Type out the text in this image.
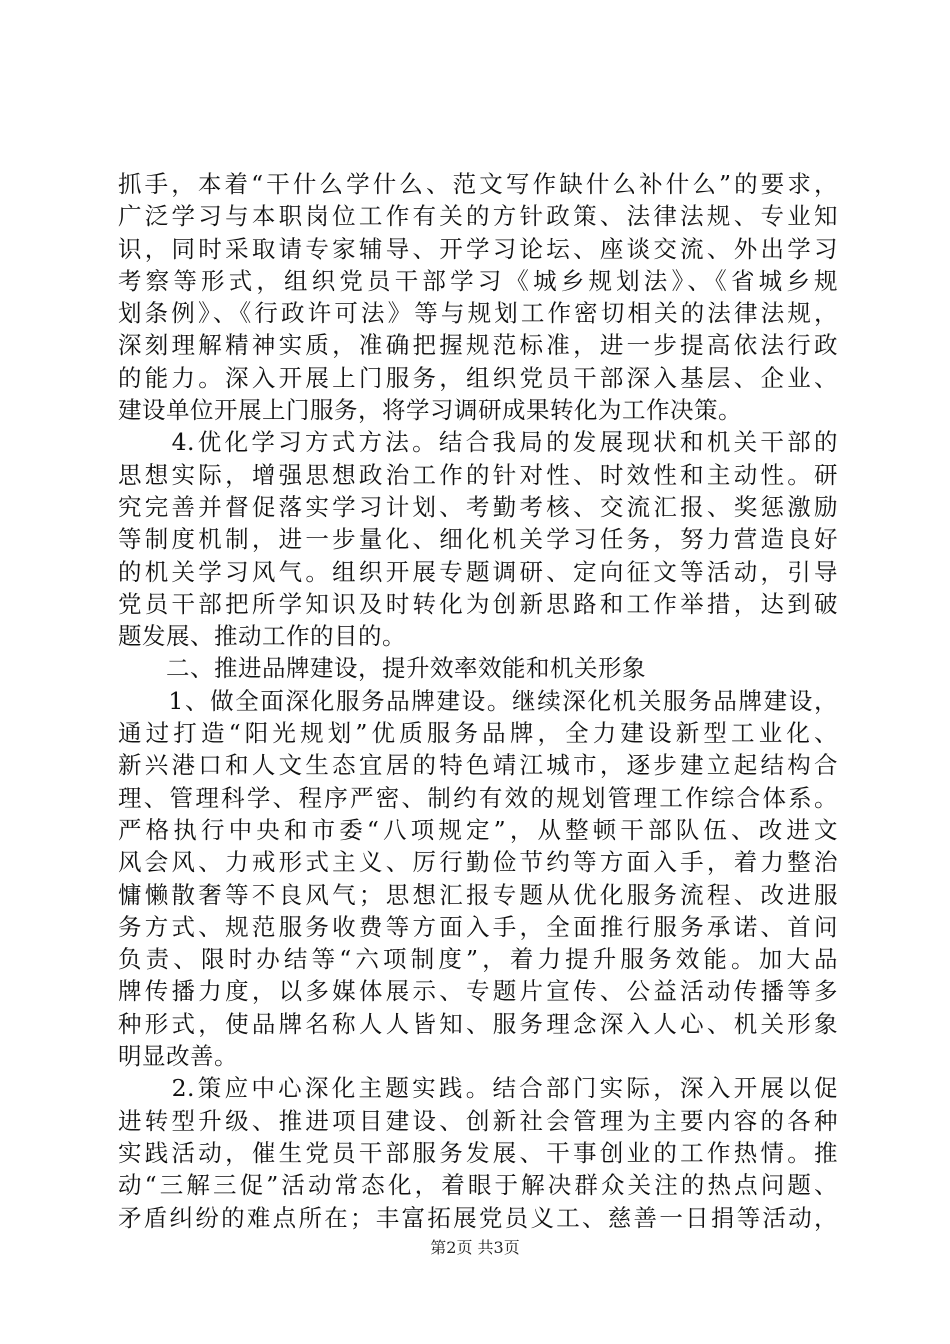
抓手，本着“干什么学什么、范文写作缺什么补什么”的要求，
广泛学习与本职岗位工作有关的方针政策、法律法规、专业知
识，同时采取请专家辅导、开学习论坛、座谈交流、外出学习
考察等形式，组织党员干部学习《城乡规划法》、《省城乡规
划条例》、《行政许可法》等与规划工作密切相关的法律法规，
深刻理解精神实质，准确把握规范标准，进一步提高依法行政
的能力。深入开展上门服务，组织党员干部深入基层、企业、
建设单位开展上门服务，将学习调研成果转化为工作决策。
　　4.优化学习方式方法。结合我局的发展现状和机关干部的
思想实际，增强思想政治工作的针对性、时效性和主动性。研
究完善并督促落实学习计划、考勤考核、交流汇报、奖惩激励
等制度机制，进一步量化、细化机关学习任务，努力营造良好
的机关学习风气。组织开展专题调研、定向征文等活动，引导
党员干部把所学知识及时转化为创新思路和工作举措，达到破
题发展、推动工作的目的。
　　二、推进品牌建设，提升效率效能和机关形象
　　1、做全面深化服务品牌建设。继续深化机关服务品牌建设，
通过打造“阳光规划”优质服务品牌，全力建设新型工业化、
新兴港口和人文生态宜居的特色靖江城市，逐步建立起结构合
理、管理科学、程序严密、制约有效的规划管理工作综合体系。
严格执行中央和市委“八项规定”，从整顿干部队伍、改进文
风会风、力戒形式主义、厉行勤俭节约等方面入手，着力整治
慵懒散奢等不良风气；思想汇报专题从优化服务流程、改进服
务方式、规范服务收费等方面入手，全面推行服务承诺、首问
负责、限时办结等“六项制度”，着力提升服务效能。加大品
牌传播力度，以多媒体展示、专题片宣传、公益活动传播等多
种形式，使品牌名称人人皆知、服务理念深入人心、机关形象
明显改善。
　　2.策应中心深化主题实践。结合部门实际，深入开展以促
进转型升级、推进项目建设、创新社会管理为主要内容的各种
实践活动，催生党员干部服务发展、干事创业的工作热情。推
动“三解三促”活动常态化，着眼于解决群众关注的热点问题、
矛盾纠纷的难点所在；丰富拓展党员义工、慈善一日捐等活动，
第2页 共3页
